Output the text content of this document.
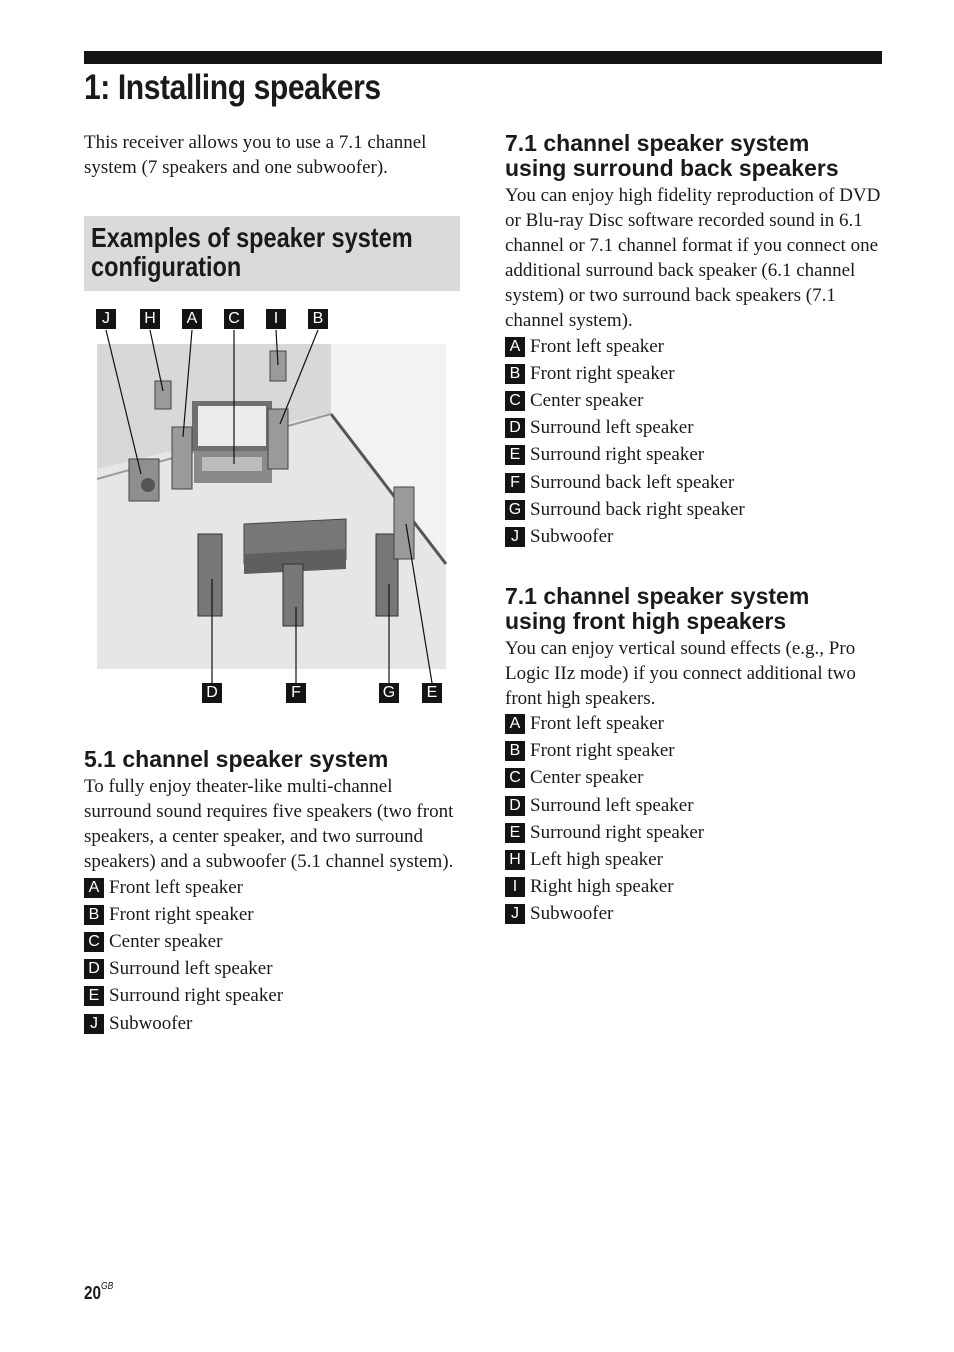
1: Installing speakers

This receiver allows you to use a 7.1 channel system (7 speakers and one subwoofer).

Examples of speaker system configuration
J	H A C	I	B
D	F	G E
5.1 channel speaker system

To fully enjoy theater-like multi-channel surround sound requires five speakers (two front speakers, a center speaker, and two surround speakers) and a subwoofer (5.1 channel system).

A Front left speaker
B Front right speaker
C Center speaker
D Surround left speaker
E Surround right speaker
J Subwoofer
7.1 channel speaker system
using surround back speakers

You can enjoy high fidelity reproduction of DVD or Blu-ray Disc software recorded sound in 6.1 channel or 7.1 channel format if you connect one additional surround back speaker (6.1 channel system) or two surround back speakers (7.1 channel system).

A Front left speaker
B Front right speaker
C Center speaker
D Surround left speaker
E Surround right speaker
F Surround back left speaker
G Surround back right speaker
J Subwoofer
7.1 channel speaker system
using front high speakers

You can enjoy vertical sound effects (e.g., Pro Logic IIz mode) if you connect additional two front high speakers.

A Front left speaker
B Front right speaker
C Center speaker
D Surround left speaker
E Surround right speaker
H Left high speaker
I Right high speaker
J Subwoofer
$20^{GB}$
